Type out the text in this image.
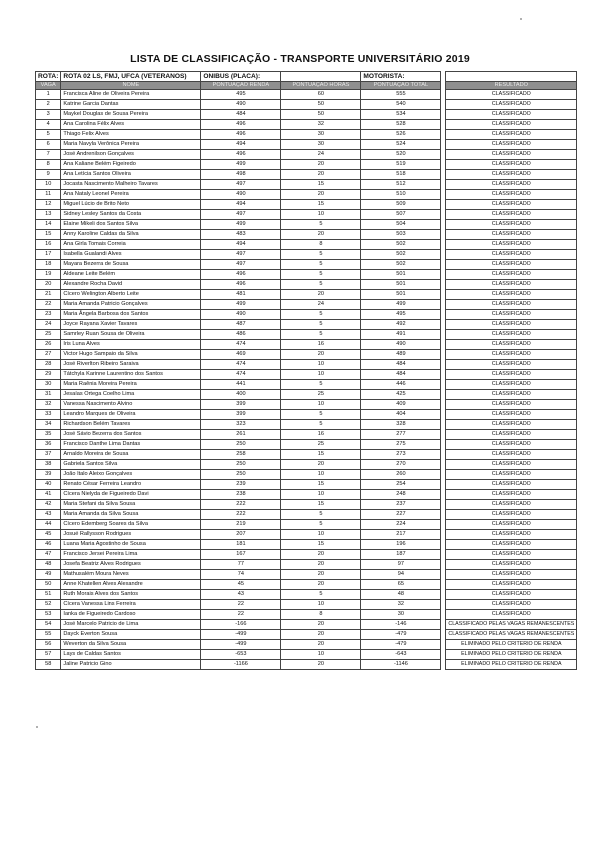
LISTA DE CLASSIFICAÇÃO - TRANSPORTE UNIVERSITÁRIO 2019
ROTA:	ROTA 02 LS, FMJ, UFCA (VETERANOS)	ONIBUS (PLACA):		MOTORISTA:		
VAGA	NOME	PONTUAÇÃO RENDA	PONTUAÇÃO HORAS	PONTUAÇÃO TOTAL		RESULTADO
1	Francisca Aline de Oliveira Pereira	495	60	555		CLASSIFICADO
2	Katrine Garcia Dantas	490	50	540		CLASSIFICADO
3	Maykel Douglas de Sousa Pereira	484	50	534		CLASSIFICADO
4	Ana Carolina Félix Alves	496	32	528		CLASSIFICADO
5	Thiago Felix Alves	496	30	526		CLASSIFICADO
6	Maria Navyla Verônica Pereira	494	30	524		CLASSIFICADO
7	José Andrenilson Gonçalves	496	24	520		CLASSIFICADO
8	Ana Kaliane Belém Figeiredo	499	20	519		CLASSIFICADO
9	Ana Letícia Santos Oliveira	498	20	518		CLASSIFICADO
10	Jocasta Nascimento Malheiro Tavares	497	15	512		CLASSIFICADO
11	Ana Nataly Leonel Pereira	490	20	510		CLASSIFICADO
12	Miguel Lúcio de Brito Neto	494	15	509		CLASSIFICADO
13	Sidney Lesley Santos da Costa	497	10	507		CLASSIFICADO
14	Elaine Mikeli dos Santos Silva	499	5	504		CLASSIFICADO
15	Anny Karoline Caldas da Silva	483	20	503		CLASSIFICADO
16	Ana Girla Tomais Correia	494	8	502		CLASSIFICADO
17	Isabella Gualandi Alves	497	5	502		CLASSIFICADO
18	Mayara Bezerra de Sousa	497	5	502		CLASSIFICADO
19	Aldeane Leite Belém	496	5	501		CLASSIFICADO
20	Alexandre Rocha David	496	5	501		CLASSIFICADO
21	Cícero Welington Alberto Leite	481	20	501		CLASSIFICADO
22	Maria Amanda Patricio Gonçalves	499	24	499		CLASSIFICADO
23	Maria Ângela Barbosa dos Santos	490	5	495		CLASSIFICADO
24	Joyce Rayana Xavier Tavares	487	5	492		CLASSIFICADO
25	Samrley Ruan Sousa de Oliveira	486	5	491		CLASSIFICADO
26	Iris Luna Alves	474	16	490		CLASSIFICADO
27	Victor Hugo Sampaio da Silva	469	20	489		CLASSIFICADO
28	José Riverlton Ribeiro Saraiva	474	10	484		CLASSIFICADO
29	Tátchyla Karinne Laurentino dos Santos	474	10	484		CLASSIFICADO
30	Maria Raênia Moreira Pereira	441	5	446		CLASSIFICADO
31	Jesaías Ortega Coelho Lima	400	25	425		CLASSIFICADO
32	Vanessa Nascimento Alvino	399	10	409		CLASSIFICADO
33	Leandro Marques de Oliveira	399	5	404		CLASSIFICADO
34	Richardson Belém Tavares	323	5	328		CLASSIFICADO
35	José Sávio Bezerra dos Santos	261	16	277		CLASSIFICADO
36	Francisco Danthe Lima Dantas	250	25	275		CLASSIFICADO
37	Arnaldo Moreira de Sousa	258	15	273		CLASSIFICADO
38	Gabriela Santos Silva	250	20	270		CLASSIFICADO
39	João Italo Aleixo Gonçalves	250	10	260		CLASSIFICADO
40	Renato César Ferreira Leandro	239	15	254		CLASSIFICADO
41	Cícera Nielyda de Figueiredo Davi	238	10	248		CLASSIFICADO
42	Maria Stefani da Silva Sousa	222	15	237		CLASSIFICADO
43	Maria Amanda da Silva Sousa	222	5	227		CLASSIFICADO
44	Cícero Edemberg Soares da Silva	219	5	224		CLASSIFICADO
45	Josué Rallysson Rodrigues	207	10	217		CLASSIFICADO
46	Luana Maria Agostinho de Sousa	181	15	196		CLASSIFICADO
47	Francisco Jersei Pereira Lima	167	20	187		CLASSIFICADO
48	Josefa Beatriz Alves Rodrigues	77	20	97		CLASSIFICADO
49	Mathusalém Moura Neves	74	20	94		CLASSIFICADO
50	Anne Khatellen Alves Alexandre	45	20	65		CLASSIFICADO
51	Ruth Morais Alves dos Santos	43	5	48		CLASSIFICADO
52	Cícera Vanessa Lins Ferreira	22	10	32		CLASSIFICADO
53	Ianka de Figueiredo Cardoso	22	8	30		CLASSIFICADO
54	José Marcelo Patricio de Lima	-166	20	-146		CLASSIFICADO PELAS VAGAS REMANESCENTES
55	Dayck Everton Sousa	-499	20	-479		CLASSIFICADO PELAS VAGAS REMANESCENTES
56	Weverton da Silva Sousa	-499	20	-479		ELIMINADO PELO CRITERIO DE RENDA
57	Lays de Caldas Santos	-653	10	-643		ELIMINADO PELO CRITERIO DE RENDA
58	Jaline Patricio Gino	-1166	20	-1146		ELIMINADO PELO CRITERIO DE RENDA
